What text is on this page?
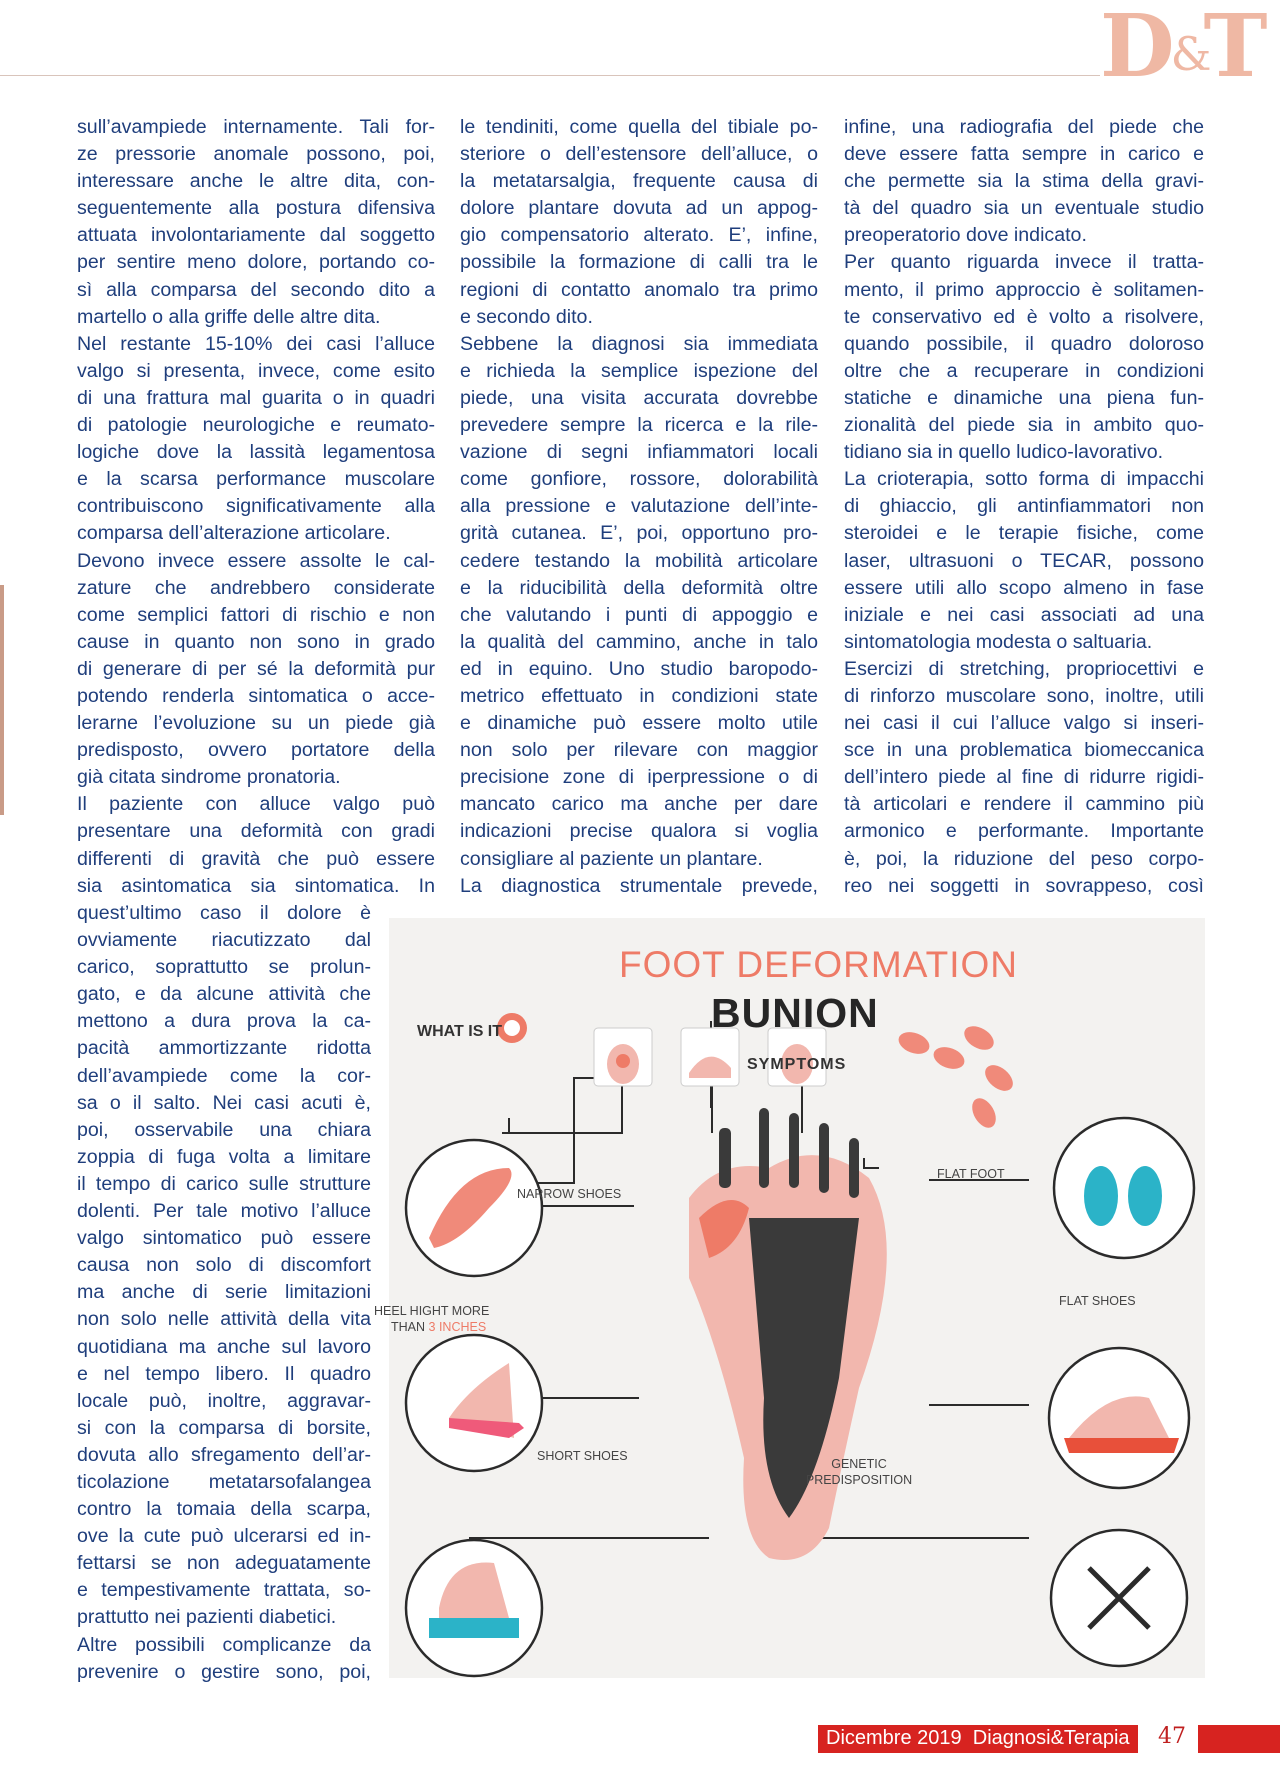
D&T

sull’avampiede internamente. Tali for-

ze pressorie anomale possono, poi,

interessare anche le altre dita, con-

seguentemente alla postura difensiva

attuata involontariamente dal soggetto

per sentire meno dolore, portando co-

sì alla comparsa del secondo dito a

martello o alla griffe delle altre dita.

Nel restante 15-10% dei casi l’alluce

valgo si presenta, invece, come esito

di una frattura mal guarita o in quadri

di patologie neurologiche e reumato-

logiche dove la lassità legamentosa

e la scarsa performance muscolare

contribuiscono significativamente alla

comparsa dell’alterazione articolare.

Devono invece essere assolte le cal-

zature che andrebbero considerate

come semplici fattori di rischio e non

cause in quanto non sono in grado

di generare di per sé la deformità pur

potendo renderla sintomatica o acce-

lerarne l’evoluzione su un piede già

predisposto, ovvero portatore della

già citata sindrome pronatoria.

Il paziente con alluce valgo può

presentare una deformità con gradi

differenti di gravità che può essere

sia asintomatica sia sintomatica. In

quest’ultimo caso il dolore è

ovviamente riacutizzato dal

carico, soprattutto se prolun-

gato, e da alcune attività che

mettono a dura prova la ca-

pacità ammortizzante ridotta

dell’avampiede come la cor-

sa o il salto. Nei casi acuti è,

poi, osservabile una chiara

zoppia di fuga volta a limitare

il tempo di carico sulle strutture

dolenti. Per tale motivo l’alluce

valgo sintomatico può essere

causa non solo di discomfort

ma anche di serie limitazioni

non solo nelle attività della vita

quotidiana ma anche sul lavoro

e nel tempo libero. Il quadro

locale può, inoltre, aggravar-

si con la comparsa di borsite,

dovuta allo sfregamento dell’ar-

ticolazione metatarsofalangea

contro la tomaia della scarpa,

ove la cute può ulcerarsi ed in-

fettarsi se non adeguatamente

e tempestivamente trattata, so-

prattutto nei pazienti diabetici.

Altre possibili complicanze da

prevenire o gestire sono, poi,

le tendiniti, come quella del tibiale po-

steriore o dell’estensore dell’alluce, o

la metatarsalgia, frequente causa di

dolore plantare dovuta ad un appog-

gio compensatorio alterato. E’, infine,

possibile la formazione di calli tra le

regioni di contatto anomalo tra primo

e secondo dito.

Sebbene la diagnosi sia immediata

e richieda la semplice ispezione del

piede, una visita accurata dovrebbe

prevedere sempre la ricerca e la rile-

vazione di segni infiammatori locali

come gonfiore, rossore, dolorabilità

alla pressione e valutazione dell’inte-

grità cutanea. E’, poi, opportuno pro-

cedere testando la mobilità articolare

e la riducibilità della deformità oltre

che valutando i punti di appoggio e

la qualità del cammino, anche in talo

ed in equino. Uno studio baropodo-

metrico effettuato in condizioni state

e dinamiche può essere molto utile

non solo per rilevare con maggior

precisione zone di iperpressione o di

mancato carico ma anche per dare

indicazioni precise qualora si voglia

consigliare al paziente un plantare.

La diagnostica strumentale prevede,

infine, una radiografia del piede che

deve essere fatta sempre in carico e

che permette sia la stima della gravi-

tà del quadro sia un eventuale studio

preoperatorio dove indicato.

Per quanto riguarda invece il tratta-

mento, il primo approccio è solitamen-

te conservativo ed è volto a risolvere,

quando possibile, il quadro doloroso

oltre che a recuperare in condizioni

statiche e dinamiche una piena fun-

zionalità del piede sia in ambito quo-

tidiano sia in quello ludico-lavorativo.

La crioterapia, sotto forma di impacchi

di ghiaccio, gli antinfiammatori non

steroidei e le terapie fisiche, come

laser, ultrasuoni o TECAR, possono

essere utili allo scopo almeno in fase

iniziale e nei casi associati ad una

sintomatologia modesta o saltuaria.

Esercizi di stretching, propriocettivi e

di rinforzo muscolare sono, inoltre, utili

nei casi il cui l’alluce valgo si inseri-

sce in una problematica biomeccanica

dell’intero piede al fine di ridurre rigidi-

tà articolari e rendere il cammino più

armonico e performante. Importante

è, poi, la riduzione del peso corpo-

reo nei soggetti in sovrappeso, così

FOOT DEFORMATION
BUNION
WHAT IS IT
SYMPTOMS
NARROW SHOES
FLAT FOOT
HEEL HIGHT MORE
THAN 3 INCHES
FLAT SHOES
SHORT SHOES
GENETIC
PREDISPOSITION
Dicembre 2019 Diagnosi&Terapia 47
